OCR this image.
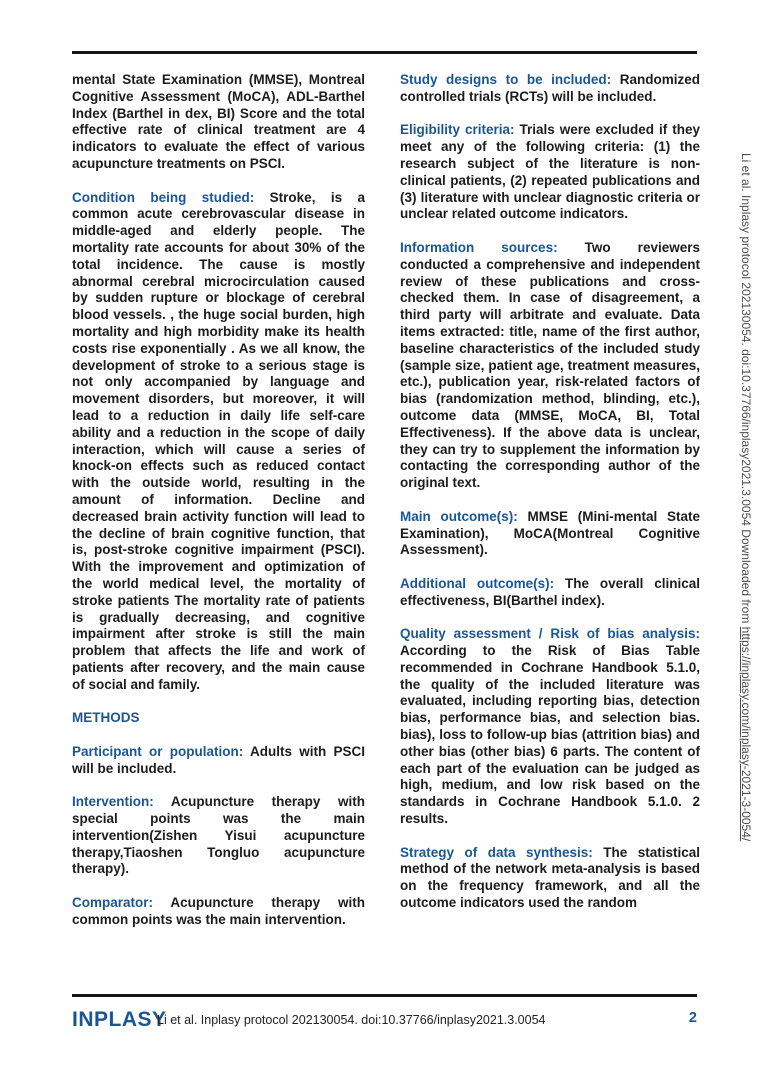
mental State Examination (MMSE), Montreal Cognitive Assessment (MoCA), ADL-Barthel Index (Barthel in dex, BI) Score and the total effective rate of clinical treatment are 4 indicators to evaluate the effect of various acupuncture treatments on PSCI.

Condition being studied: Stroke, is a common acute cerebrovascular disease in middle-aged and elderly people. The mortality rate accounts for about 30% of the total incidence. The cause is mostly abnormal cerebral microcirculation caused by sudden rupture or blockage of cerebral blood vessels. , the huge social burden, high mortality and high morbidity make its health costs rise exponentially . As we all know, the development of stroke to a serious stage is not only accompanied by language and movement disorders, but moreover, it will lead to a reduction in daily life self-care ability and a reduction in the scope of daily interaction, which will cause a series of knock-on effects such as reduced contact with the outside world, resulting in the amount of information. Decline and decreased brain activity function will lead to the decline of brain cognitive function, that is, post-stroke cognitive impairment (PSCI). With the improvement and optimization of the world medical level, the mortality of stroke patients The mortality rate of patients is gradually decreasing, and cognitive impairment after stroke is still the main problem that affects the life and work of patients after recovery, and the main cause of social and family.

METHODS

Participant or population: Adults with PSCI will be included.

Intervention: Acupuncture therapy with special points was the main intervention(Zishen Yisui acupuncture therapy,Tiaoshen Tongluo acupuncture therapy).

Comparator: Acupuncture therapy with common points was the main intervention.

Study designs to be included: Randomized controlled trials (RCTs) will be included.

Eligibility criteria: Trials were excluded if they meet any of the following criteria: (1) the research subject of the literature is non-clinical patients, (2) repeated publications and (3) literature with unclear diagnostic criteria or unclear related outcome indicators.

Information sources: Two reviewers conducted a comprehensive and independent review of these publications and cross-checked them. In case of disagreement, a third party will arbitrate and evaluate. Data items extracted: title, name of the first author, baseline characteristics of the included study (sample size, patient age, treatment measures, etc.), publication year, risk-related factors of bias (randomization method, blinding, etc.), outcome data (MMSE, MoCA, BI, Total Effectiveness). If the above data is unclear, they can try to supplement the information by contacting the corresponding author of the original text.

Main outcome(s): MMSE (Mini-mental State Examination), MoCA(Montreal Cognitive Assessment).

Additional outcome(s): The overall clinical effectiveness, BI(Barthel index).

Quality assessment / Risk of bias analysis: According to the Risk of Bias Table recommended in Cochrane Handbook 5.1.0, the quality of the included literature was evaluated, including reporting bias, detection bias, performance bias, and selection bias. bias), loss to follow-up bias (attrition bias) and other bias (other bias) 6 parts. The content of each part of the evaluation can be judged as high, medium, and low risk based on the standards in Cochrane Handbook 5.1.0. 2 results.

Strategy of data synthesis: The statistical method of the network meta-analysis is based on the frequency framework, and all the outcome indicators used the random

Li et al. Inplasy protocol 202130054. doi:10.37766/inplasy2021.3.0054 Downloaded from https://inplasy.com/inplasy-2021-3-0054/
INPLASY
Li et al. Inplasy protocol 202130054. doi:10.37766/inplasy2021.3.0054	2
